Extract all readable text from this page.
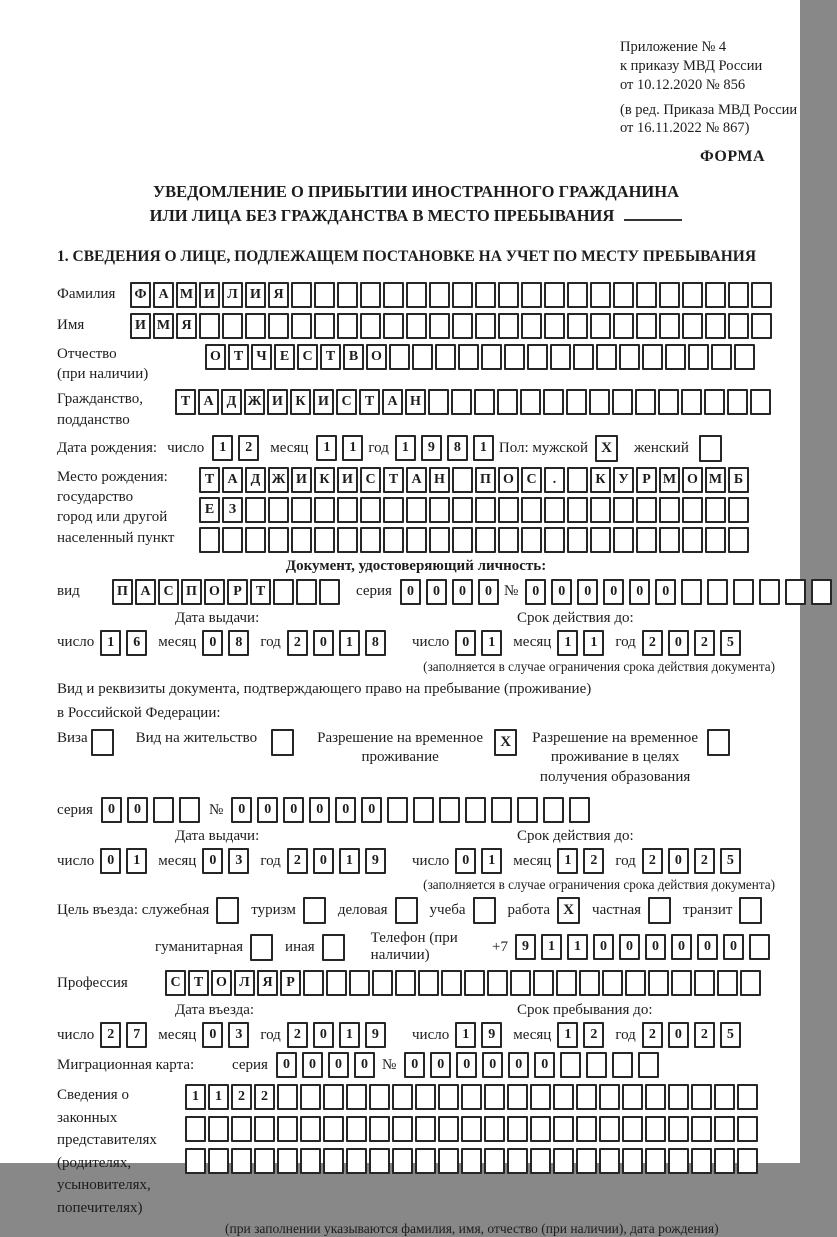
Приложение № 4
к приказу МВД России
от 10.12.2020 № 856
(в ред. Приказа МВД России
от 16.11.2022 № 867)
ФОРМА
УВЕДОМЛЕНИЕ О ПРИБЫТИИ ИНОСТРАННОГО ГРАЖДАНИНА
ИЛИ ЛИЦА БЕЗ ГРАЖДАНСТВА В МЕСТО ПРЕБЫВАНИЯ
1. СВЕДЕНИЯ О ЛИЦЕ, ПОДЛЕЖАЩЕМ ПОСТАНОВКЕ НА УЧЕТ ПО МЕСТУ ПРЕБЫВАНИЯ
Фамилия	Ф А М И Л И Я
Имя	И М Я
Отчество
(при наличии)
О Т Ч Е С Т В О
Гражданство,
подданство
Т А Д Ж И К И С Т А Н
Дата рождения: число	1	2	месяц	1	1 год 1	9	8	1 Пол: мужской X	женский
Место рождения:
государство
город или другой
населенный пункт
Т А Д Ж И К И С Т А Н	П О С	.	К У Р М О М Б
Е	З
Документ, удостоверяющий личность:
вид	П А С П О Р	Т	серия	0	0	0	0 №	0	0	0	0	0	0
Дата выдачи:
число 1	6	месяц 0	8	год 2	0	1	8
Срок действия до:
число 0	1	месяц 1	1	год 2	0	2	5
(заполняется в случае ограничения срока действия документа)
Вид и реквизиты документа, подтверждающего право на пребывание (проживание)
в Российской Федерации:
Виза	Вид на жительство	Разрешение на временное проживание
X	Разрешение на временное проживание в целях получения образования
серия	0	0	№	0	0	0	0	0	0
Дата выдачи:
число 0	1	месяц 0	3	год 2	0	1	9
Срок действия до:
число 0	1	месяц 1	2	год 2	0	2	5
(заполняется в случае ограничения срока действия документа)
Цель въезда: служебная	туризм	деловая	учеба	работа X	частная	транзит
гуманитарная	иная
Телефон (при наличии)
+7	9	1	1	0	0	0	0	0	0
Профессия	С Т О Л Я Р
Дата въезда:
число 2	7	месяц 0	3	год 2	0	1	9
Срок пребывания до:
число 1	9	месяц 1	2	год 2	0	2	5
Миграционная карта:	серия	0	0	0	0 №	0	0	0	0	0	0
Сведения о
законных
представителях
(родителях,
усыновителях,
попечителях)
1	1	2	2

(при заполнении указываются фамилия, имя, отчество (при наличии), дата рождения)
